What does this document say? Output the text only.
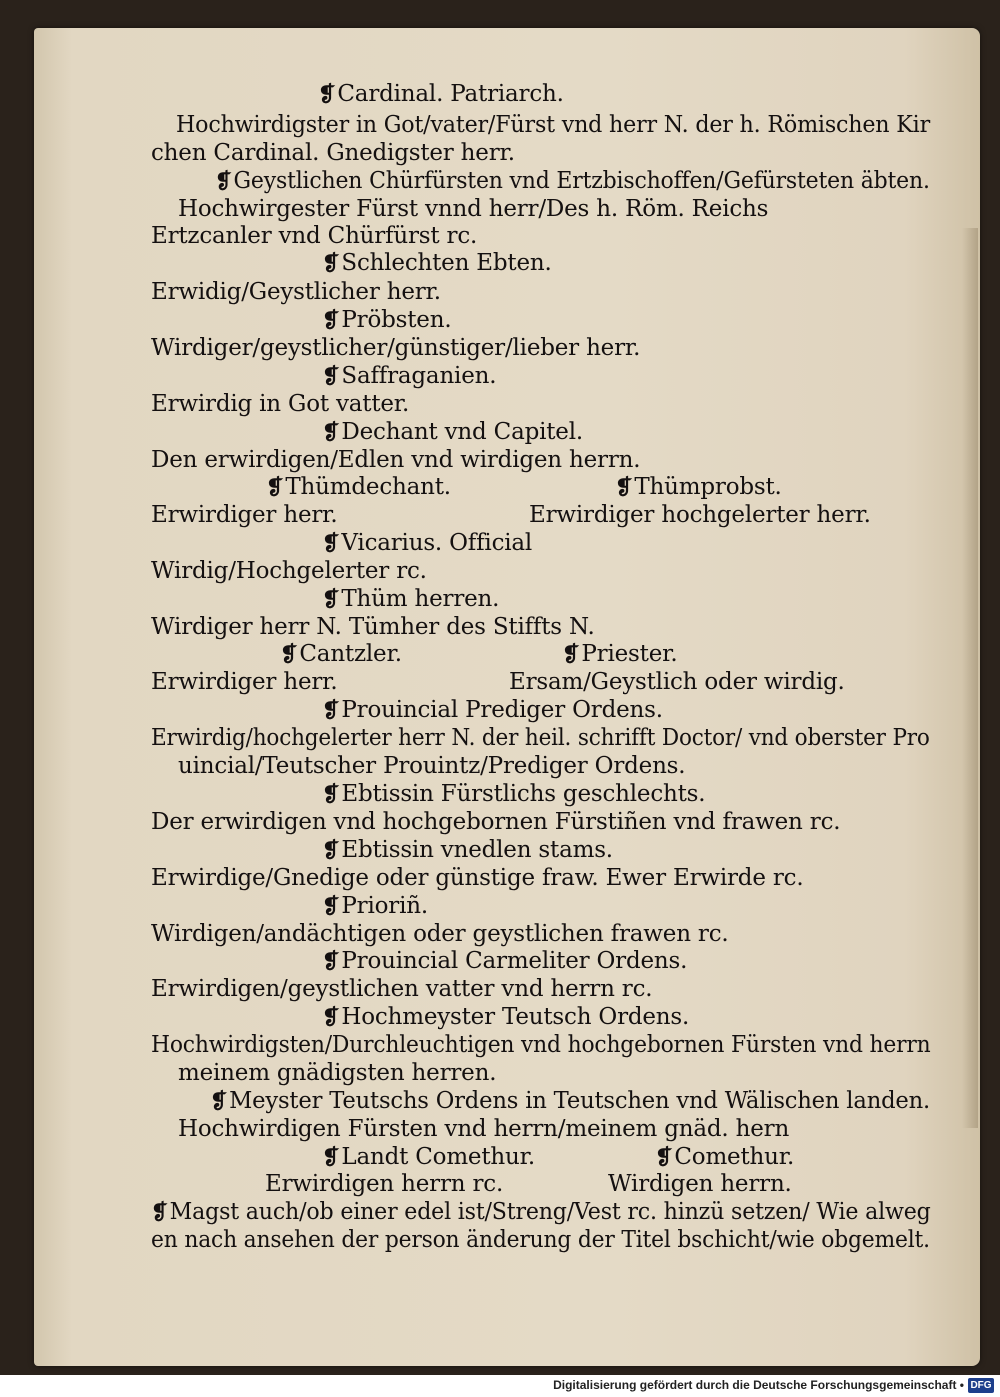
❡Cardinal. Patriarch.
Hochwirdigster in Got/vater/Fürst vnd herr N. der h. Römischen Kir
chen Cardinal. Gnedigster herr.
❡Geystlichen Chürfürsten vnd Ertzbischoffen/Gefürsteten äbten.
Hochwirgester Fürst vnnd herr/Des h. Röm. Reichs
Ertzcanler vnd Chürfürst rc.
❡Schlechten Ebten.
Erwidig/Geystlicher herr.
❡Pröbsten.
Wirdiger/geystlicher/günstiger/lieber herr.
❡Saffraganien.
Erwirdig in Got vatter.
❡Dechant vnd Capitel.
Den erwirdigen/Edlen vnd wirdigen herrn.
❡Thümdechant.	❡Thümprobst.
Erwirdiger herr.	Erwirdiger hochgelerter herr.
❡Vicarius. Official
Wirdig/Hochgelerter rc.
❡Thüm herren.
Wirdiger herr N. Tümher des Stiffts N.
❡Cantzler.	❡Priester.
Erwirdiger herr.	Ersam/Geystlich oder wirdig.
❡Prouincial Prediger Ordens.
Erwirdig/hochgelerter herr N. der heil. schrifft Doctor/ vnd oberster Pro
uincial/Teutscher Prouintz/Prediger Ordens.
❡Ebtissin Fürstlichs geschlechts.
Der erwirdigen vnd hochgebornen Fürstiñen vnd frawen rc.
❡Ebtissin vnedlen stams.
Erwirdige/Gnedige oder günstige fraw. Ewer Erwirde rc.
❡Prioriñ.
Wirdigen/andächtigen oder geystlichen frawen rc.
❡Prouincial Carmeliter Ordens.
Erwirdigen/geystlichen vatter vnd herrn rc.
❡Hochmeyster Teutsch Ordens.
Hochwirdigsten/Durchleuchtigen vnd hochgebornen Fürsten vnd herrn
meinem gnädigsten herren.
❡Meyster Teutschs Ordens in Teutschen vnd Wälischen landen.
Hochwirdigen Fürsten vnd herrn/meinem gnäd. hern
❡Landt Comethur.	❡Comethur.
Erwirdigen herrn rc.	Wirdigen herrn.
❡Magst auch/ob einer edel ist/Streng/Vest rc. hinzü setzen/ Wie alweg
en nach ansehen der person änderung der Titel bschicht/wie obgemelt.
Digitalisierung gefördert durch die Deutsche Forschungsgemeinschaft • DFG
